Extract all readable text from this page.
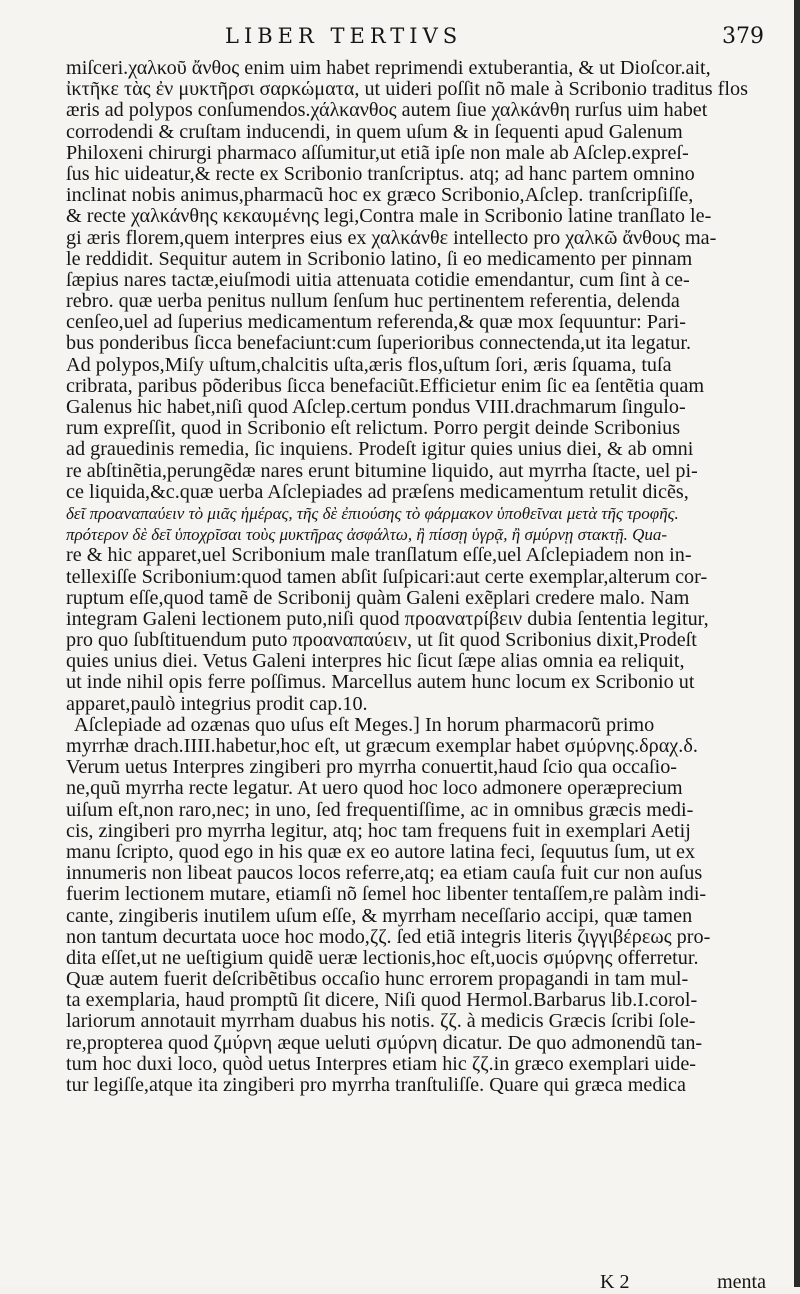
LIBER TERTIVS	379
miſceri.χαλκοῦ ἄνθος enim uim habet reprimendi extuberantia, & ut Dioſcor.ait,
ἰκτῆκε τὰς ἐν μυκτῆρσι σαρκώματα, ut uideri poſſit nõ male à Scribonio traditus flos
æris ad polypos conſumendos.χάλκανθος autem ſiue χαλκάνθη rurſus uim habet
corrodendi & cruſtam inducendi, in quem uſum & in ſequenti apud Galenum
Philoxeni chirurgi pharmaco aſſumitur,ut etiã ipſe non male ab Aſclep.expreſ-
ſus hic uideatur,& recte ex Scribonio tranſcriptus. atq; ad hanc partem omnino
inclinat nobis animus,pharmacũ hoc ex græco Scribonio,Aſclep. tranſcripſiſſe,
& recte χαλκάνθης κεκαυμένης legi,Contra male in Scribonio latine tranſlato le-
gi æris florem,quem interpres eius ex χαλκάνθε intellecto pro χαλκῶ ἄνθους ma-
le reddidit. Sequitur autem in Scribonio latino, ſi eo medicamento per pinnam
ſæpius nares tactæ,eiuſmodi uitia attenuata cotidie emendantur, cum ſint à ce-
rebro. quæ uerba penitus nullum ſenſum huc pertinentem referentia, delenda
cenſeo,uel ad ſuperius medicamentum referenda,& quæ mox ſequuntur: Pari-
bus ponderibus ſicca benefaciunt:cum ſuperioribus connectenda,ut ita legatur.
Ad polypos,Miſy uſtum,chalcitis uſta,æris flos,uſtum ſori, æris ſquama, tuſa
cribrata, paribus põderibus ſicca benefaciũt.Efficietur enim ſic ea ſentẽtia quam
Galenus hic habet,niſi quod Aſclep.certum pondus VIII.drachmarum ſingulo-
rum expreſſit, quod in Scribonio eſt relictum. Porro pergit deinde Scribonius
ad grauedinis remedia, ſic inquiens. Prodeſt igitur quies unius diei, & ab omni
re abſtinẽtia,perungẽdæ nares erunt bitumine liquido, aut myrrha ſtacte, uel pi-
ce liquida,&c.quæ uerba Aſclepiades ad præſens medicamentum retulit dicẽs,
δεῖ προαναπαύειν τὸ μιᾶς ἡμέρας, τῆς δὲ ἐπιούσης τὸ φάρμακον ὑποθεῖναι μετὰ τῆς τροφῆς.
πρότερον δὲ δεῖ ὑποχρῖσαι τοὺς μυκτῆρας ἀσφάλτω, ἢ πίσσῃ ὑγρᾷ, ἢ σμύρνῃ στακτῇ. Qua-
re & hic apparet,uel Scribonium male tranſlatum eſſe,uel Aſclepiadem non in-
tellexiſſe Scribonium:quod tamen abſit ſuſpicari:aut certe exemplar,alterum cor-
ruptum eſſe,quod tamẽ de Scribonij quàm Galeni exẽplari credere malo. Nam
integram Galeni lectionem puto,niſi quod προανατρίβειν dubia ſententia legitur,
pro quo ſubſtituendum puto προαναπαύειν, ut ſit quod Scribonius dixit,Prodeſt
quies unius diei. Vetus Galeni interpres hic ſicut ſæpe alias omnia ea reliquit,
ut inde nihil opis ferre poſſimus. Marcellus autem hunc locum ex Scribonio ut
apparet,paulò integrius prodit cap.10.
Aſclepiade ad ozænas quo uſus eſt Meges.] In horum pharmacorũ primo
myrrhæ drach.IIII.habetur,hoc eſt, ut græcum exemplar habet σμύρνης.δραχ.δ.
Verum uetus Interpres zingiberi pro myrrha conuertit,haud ſcio qua occaſio-
ne,quũ myrrha recte legatur. At uero quod hoc loco admonere operæprecium
uiſum eſt,non raro,nec; in uno, ſed frequentiſſime, ac in omnibus græcis medi-
cis, zingiberi pro myrrha legitur, atq; hoc tam frequens fuit in exemplari Aetij
manu ſcripto, quod ego in his quæ ex eo autore latina feci, ſequutus ſum, ut ex
innumeris non libeat paucos locos referre,atq; ea etiam cauſa fuit cur non auſus
fuerim lectionem mutare, etiamſi nõ ſemel hoc libenter tentaſſem,re palàm indi-
cante, zingiberis inutilem uſum eſſe, & myrrham neceſſario accipi, quæ tamen
non tantum decurtata uoce hoc modo,ζζ. ſed etiã integris literis ζιγγιβέρεως pro-
dita eſſet,ut ne ueſtigium quidẽ ueræ lectionis,hoc eſt,uocis σμύρνης offerretur.
Quæ autem fuerit deſcribẽtibus occaſio hunc errorem propagandi in tam mul-
ta exemplaria, haud promptũ ſit dicere, Niſi quod Hermol.Barbarus lib.I.corol-
lariorum annotauit myrrham duabus his notis. ζζ. à medicis Græcis ſcribi ſole-
re,propterea quod ζμύρνη æque ueluti σμύρνη dicatur. De quo admonendũ tan-
tum hoc duxi loco, quòd uetus Interpres etiam hic ζζ.in græco exemplari uide-
tur legiſſe,atque ita zingiberi pro myrrha tranſtuliſſe. Quare qui græca medica
K 2	menta
